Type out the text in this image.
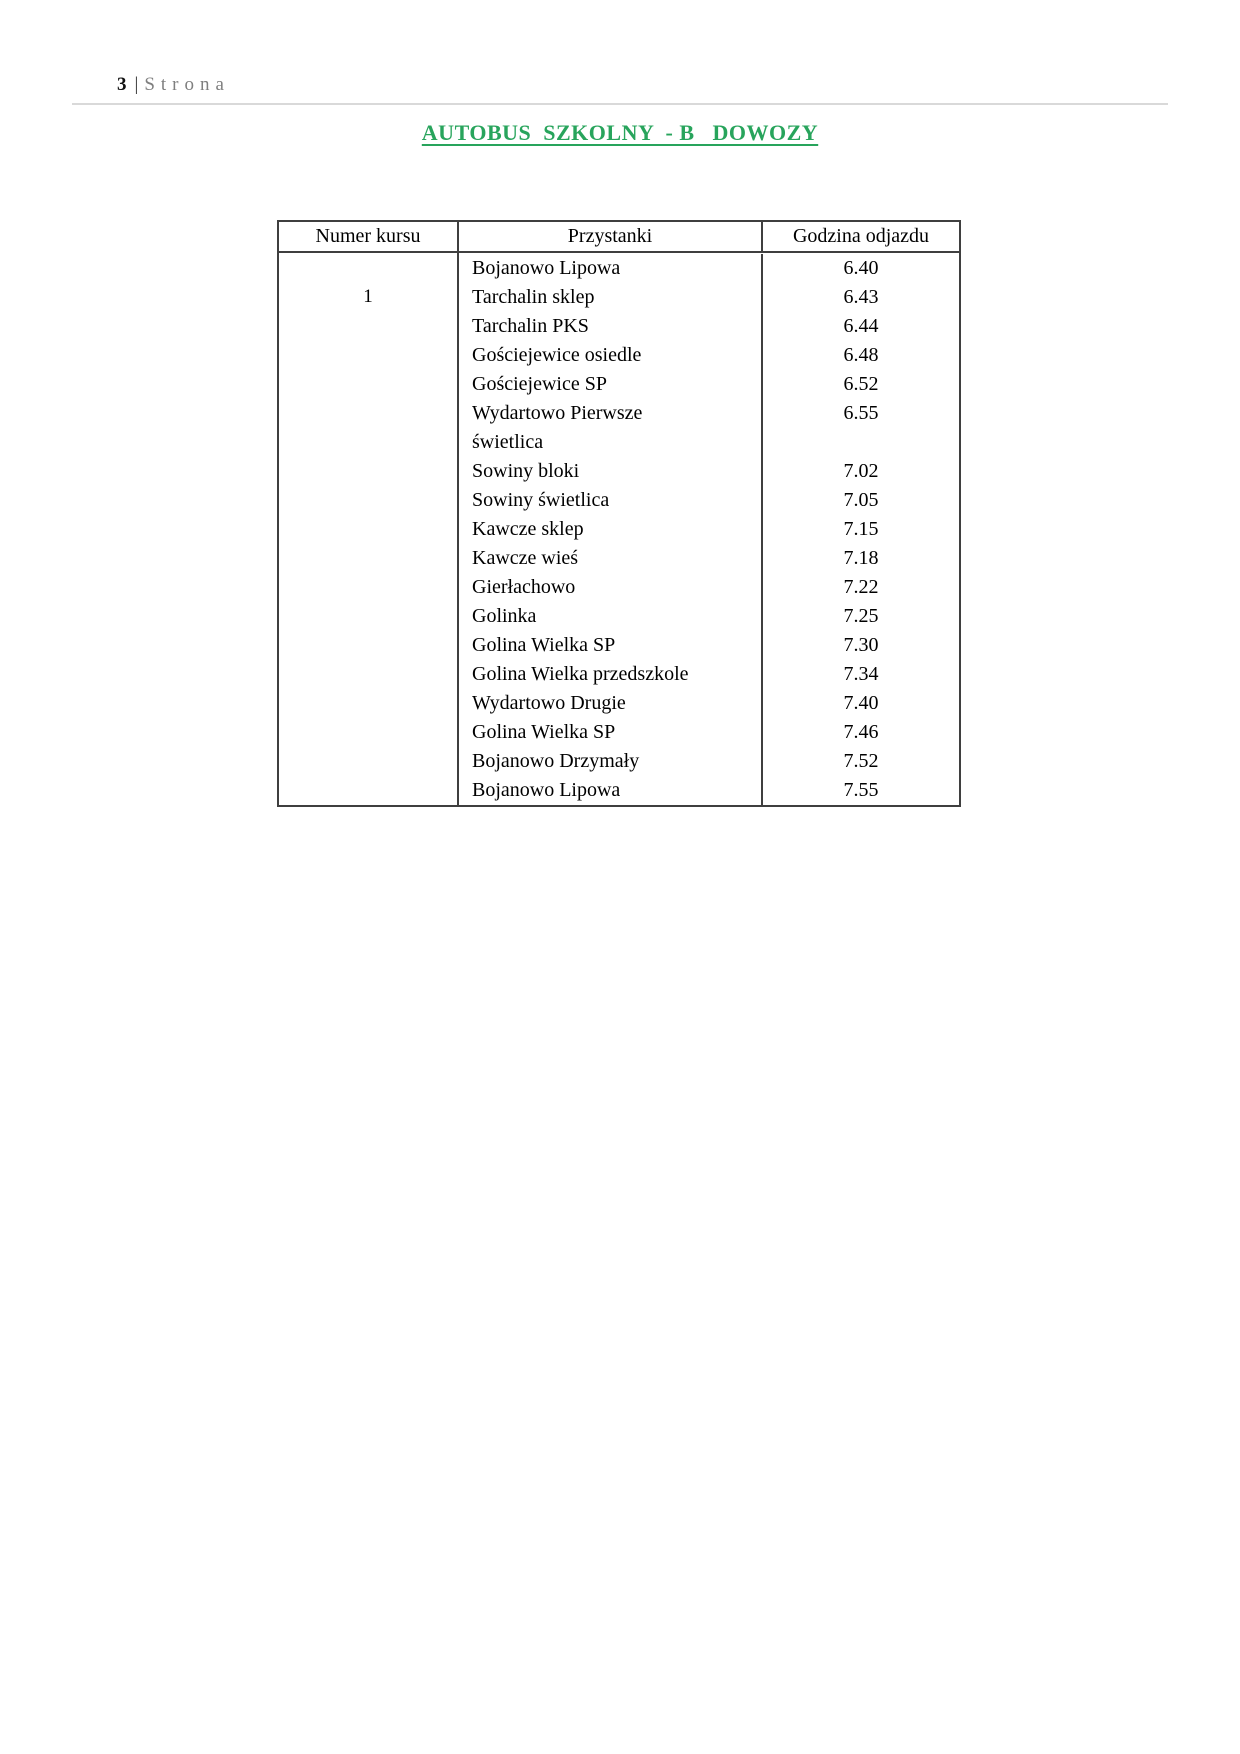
3 | Strona
AUTOBUS  SZKOLNY  - B   DOWOZY
Numer kursu	Przystanki	Godzina odjazdu
1
Bojanowo Lipowa	6.40
Tarchalin sklep	6.43
Tarchalin PKS	6.44
Gościejewice osiedle	6.48
Gościejewice SP	6.52
Wydartowo Pierwsze	6.55
świetlica
Sowiny bloki	7.02
Sowiny świetlica	7.05
Kawcze sklep	7.15
Kawcze wieś	7.18
Gierłachowo	7.22
Golinka	7.25
Golina Wielka SP	7.30
Golina Wielka przedszkole	7.34
Wydartowo Drugie	7.40
Golina Wielka SP	7.46
Bojanowo Drzymały	7.52
Bojanowo Lipowa	7.55
